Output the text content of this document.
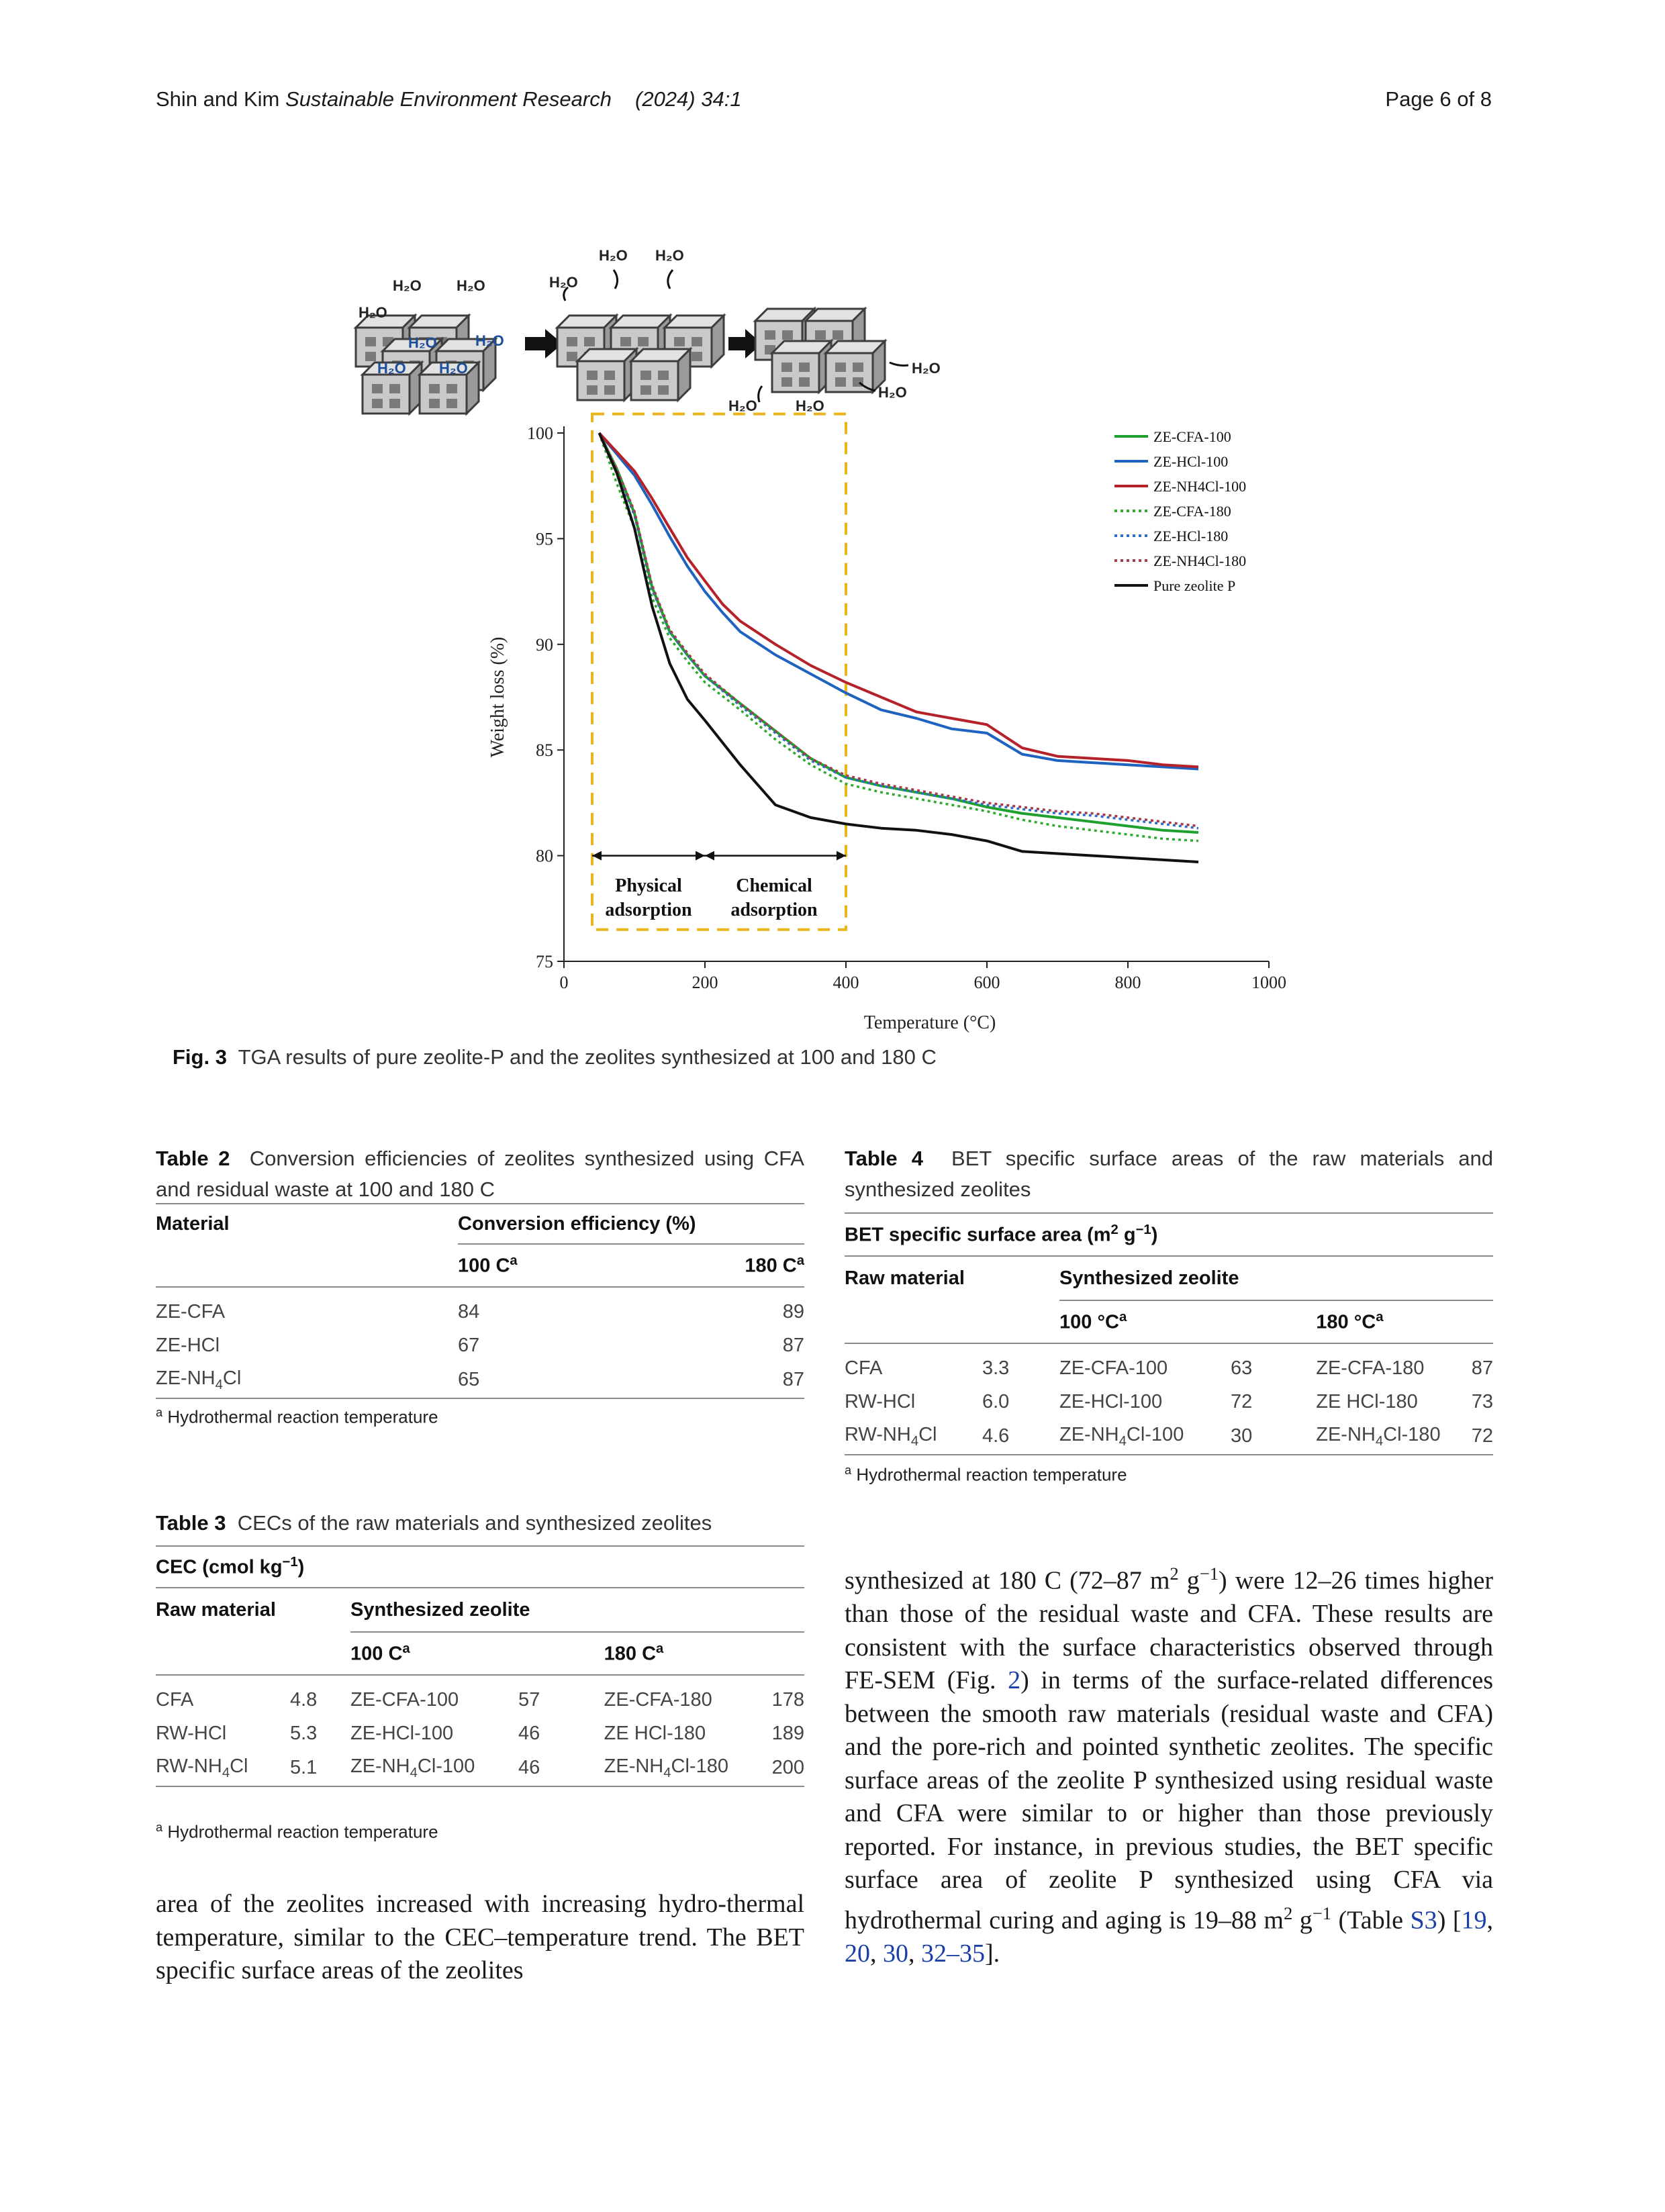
Shin and Kim Sustainable Environment Research (2024) 34:1	Page 6 of 8
H₂O H₂O
H₂O
H₂O	H₂O
H₂O H₂O
H₂O
H₂O H₂O
H₂O
H₂O
H₂O	H₂O
75
80
85
90
95
100
0	200	400	600	800	1000
Temperature (°C)
Weight loss (%)
ZE-CFA-100
ZE-HCl-100
ZE-NH4Cl-100
ZE-CFA-180
ZE-HCl-180
ZE-NH4Cl-180
Pure zeolite P
Physical
adsorption
Chemical
adsorption
Fig. 3 TGA results of pure zeolite-P and the zeolites synthesized at 100 and 180 C
Table 2 Conversion efficiencies of zeolites synthesized using CFA and residual waste at 100 and 180 C
Material	Conversion efficiency (%)	
	100 $C^a$	180 $C^a$

ZE-CFA	84	89
ZE-HCl	67	87
$ZE-NH_4Cl$	65	87
$^a$ Hydrothermal reaction temperature
Table 3 CECs of the raw materials and synthesized zeolites
CEC (cmol $kg^{-1}$)					
Raw material		Synthesized zeolite			
		100 $C^a$		180 $C^a$

CFA	4.8	ZE-CFA-100	57	ZE-CFA-180	178
RW-HCl	5.3	ZE-HCl-100	46	ZE HCl-180	189
$RW-NH_4Cl$	5.1	$ZE-NH_4Cl-100$	46	$ZE-NH_4Cl-180$	200
$^a$ Hydrothermal reaction temperature
Table 4 BET specific surface areas of the raw materials and synthesized zeolites
BET specific surface area ($m^2$ $g^{-1}$)					
Raw material		Synthesized zeolite			
		100 $^\circ C^a$		180 $^\circ C^a$

CFA	3.3	ZE-CFA-100	63	ZE-CFA-180	87
RW-HCl	6.0	ZE-HCl-100	72	ZE HCl-180	73
$RW-NH_4Cl$	4.6	$ZE-NH_4Cl-100$	30	$ZE-NH_4Cl-180$	72
$^a$ Hydrothermal reaction temperature
area of the zeolites increased with increasing hydro-thermal temperature, similar to the CEC–temperature trend. The BET specific surface areas of the zeolites
synthesized at 180 C (72–87 $m^2$ $g^{-1}$) were 12–26 times higher than those of the residual waste and CFA. These results are consistent with the surface characteristics observed through FE-SEM (Fig. 2) in terms of the surface-related differences between the smooth raw materials (residual waste and CFA) and the pore-rich and pointed synthetic zeolites. The specific surface areas of the zeolite P synthesized using residual waste and CFA were similar to or higher than those previously reported. For instance, in previous studies, the BET specific surface area of zeolite P synthesized using CFA via hydrothermal curing and aging is 19–88 $m^2$ $g^{-1}$ (Table S3) [19, 20, 30, 32–35].
